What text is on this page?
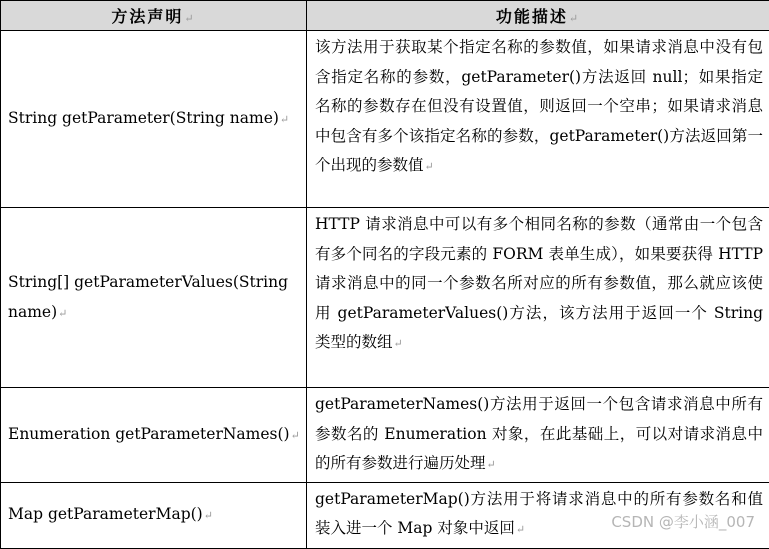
方法声明↵	功能描述↵
String getParameter(String name)↵	该方法用于获取某个指定名称的参数值，如果请求消息中没有包含指定名称的参数，getParameter()方法返回 null；如果指定名称的参数存在但没有设置值，则返回一个空串；如果请求消息中包含有多个该指定名称的参数，getParameter()方法返回第一个出现的参数值↵
String[] getParameterValues(String name)↵	HTTP 请求消息中可以有多个相同名称的参数（通常由一个包含有多个同名的字段元素的 FORM 表单生成），如果要获得 HTTP 请求消息中的同一个参数名所对应的所有参数值，那么就应该使用 getParameterValues()方法，该方法用于返回一个 String 类型的数组↵
Enumeration getParameterNames()↵	getParameterNames()方法用于返回一个包含请求消息中所有参数名的 Enumeration 对象，在此基础上，可以对请求消息中的所有参数进行遍历处理↵
Map getParameterMap()↵	getParameterMap()方法用于将请求消息中的所有参数名和值装入进一个 Map 对象中返回↵	CSDN @李小涵_007
